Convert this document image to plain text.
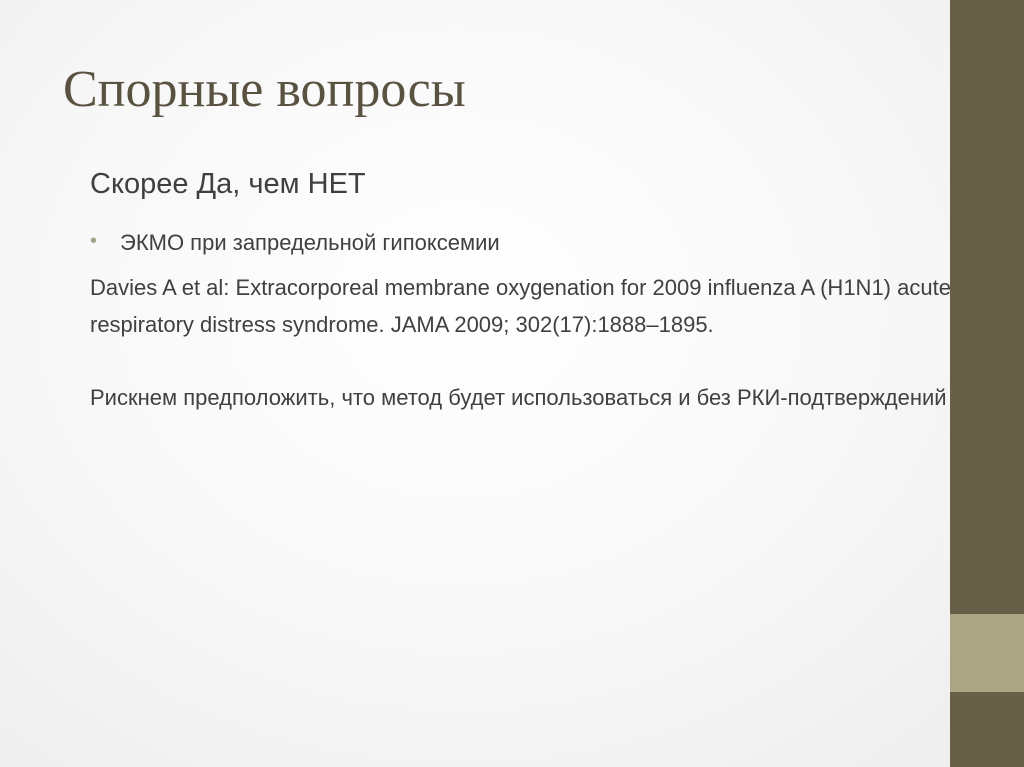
Спорные вопросы

Скорее Да, чем НЕТ

• ЭКМО при запредельной гипоксемии

Davies A et al: Extracorporeal membrane oxygenation for 2009 influenza A (H1N1) acute respiratory distress syndrome. JAMA 2009; 302(17):1888–1895.

Рискнем предположить, что метод будет использоваться и без РКИ-подтверждений
